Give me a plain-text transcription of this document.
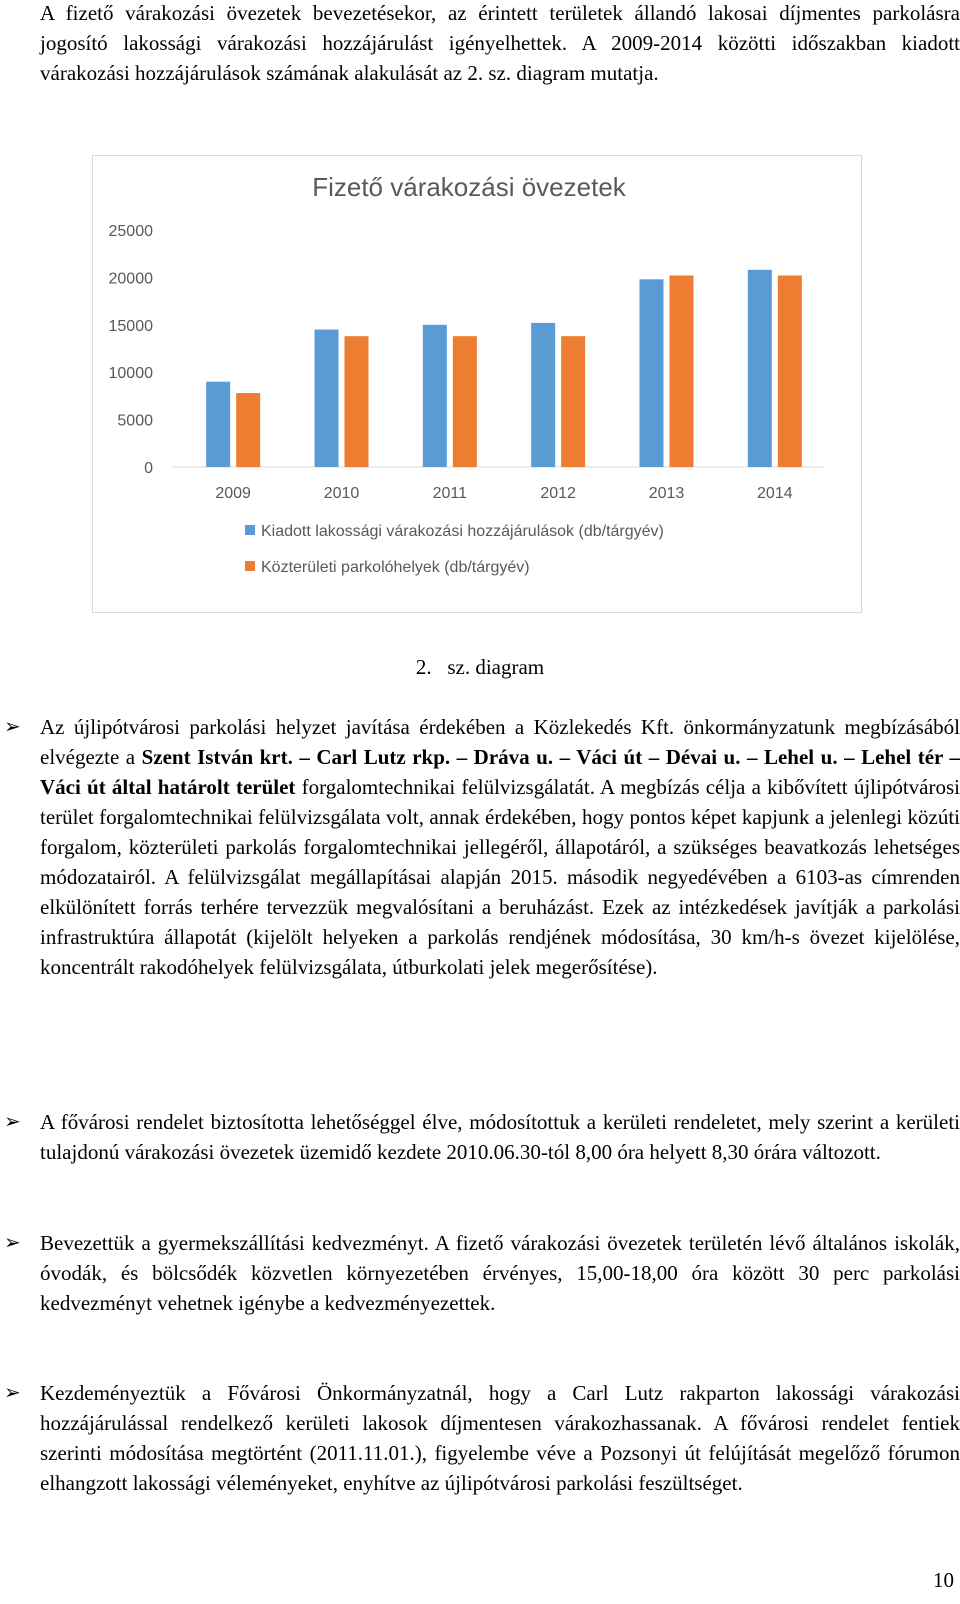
A fizető várakozási övezetek bevezetésekor, az érintett területek állandó lakosai díjmentes parkolásra jogosító lakossági várakozási hozzájárulást igényelhettek. A 2009-2014 közötti időszakban kiadott várakozási hozzájárulások számának alakulását az 2. sz. diagram mutatja.
Fizető várakozási övezetek
0
5000
10000
15000
20000
25000
2009	2010	2011	2012	2013	2014
Kiadott lakossági várakozási hozzájárulások (db/tárgyév)
Közterületi parkolóhelyek (db/tárgyév)
2.   sz. diagram
➢ Az újlipótvárosi parkolási helyzet javítása érdekében a Közlekedés Kft. önkormányzatunk megbízásából elvégezte a Szent István krt. – Carl Lutz rkp. – Dráva u. – Váci út – Dévai u. – Lehel u. – Lehel tér – Váci út által határolt terület forgalomtechnikai felülvizsgálatát. A megbízás célja a kibővített újlipótvárosi terület forgalomtechnikai felülvizsgálata volt, annak érdekében, hogy pontos képet kapjunk a jelenlegi közúti forgalom, közterületi parkolás forgalomtechnikai jellegéről, állapotáról, a szükséges beavatkozás lehetséges módozatairól. A felülvizsgálat megállapításai alapján 2015. második negyedévében a 6103-as címrenden elkülönített forrás terhére tervezzük megvalósítani a beruházást. Ezek az intézkedések javítják a parkolási infrastruktúra állapotát (kijelölt helyeken a parkolás rendjének módosítása, 30 km/h-s övezet kijelölése, koncentrált rakodóhelyek felülvizsgálata, útburkolati jelek megerősítése).
➢ A fővárosi rendelet biztosította lehetőséggel élve, módosítottuk a kerületi rendeletet, mely szerint a kerületi tulajdonú várakozási övezetek üzemidő kezdete 2010.06.30-tól 8,00 óra helyett 8,30 órára változott.
➢ Bevezettük a gyermekszállítási kedvezményt. A fizető várakozási övezetek területén lévő általános iskolák, óvodák, és bölcsődék közvetlen környezetében érvényes, 15,00-18,00 óra között 30 perc parkolási kedvezményt vehetnek igénybe a kedvezményezettek.
➢ Kezdeményeztük a Fővárosi Önkormányzatnál, hogy a Carl Lutz rakparton lakossági várakozási hozzájárulással rendelkező kerületi lakosok díjmentesen várakozhassanak. A fővárosi rendelet fentiek szerinti módosítása megtörtént (2011.11.01.), figyelembe véve a Pozsonyi út felújítását megelőző fórumon elhangzott lakossági véleményeket, enyhítve az újlipótvárosi parkolási feszültséget.
10
